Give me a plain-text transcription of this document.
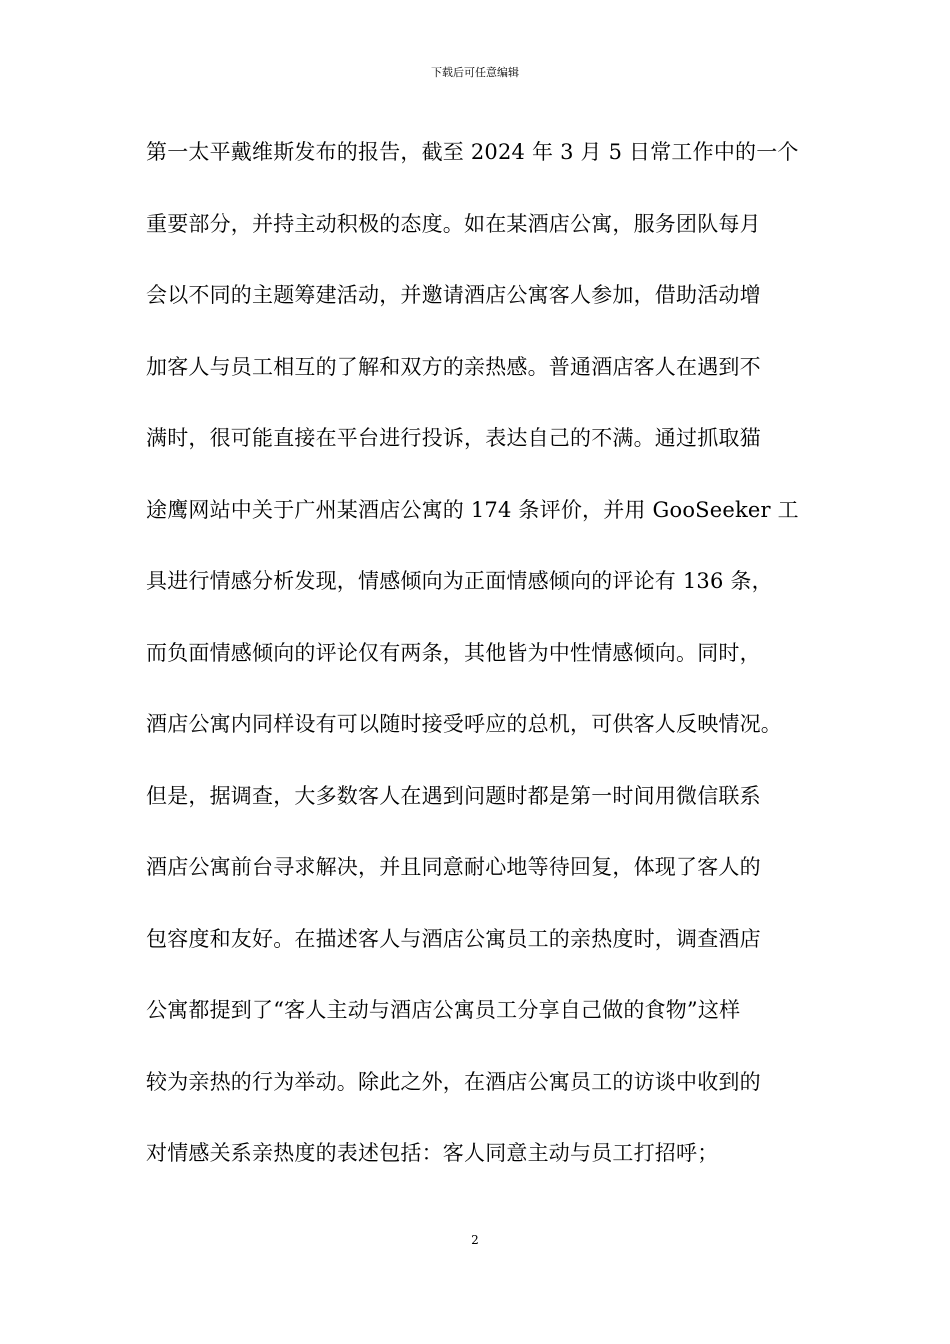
下载后可任意编辑
第一太平戴维斯发布的报告，截至 2024 年 3 月 5 日常工作中的一个
重要部分，并持主动积极的态度。如在某酒店公寓，服务团队每月
会以不同的主题筹建活动，并邀请酒店公寓客人参加，借助活动增
加客人与员工相互的了解和双方的亲热感。普通酒店客人在遇到不
满时，很可能直接在平台进行投诉，表达自己的不满。通过抓取猫
途鹰网站中关于广州某酒店公寓的 174 条评价，并用 GooSeeker 工
具进行情感分析发现，情感倾向为正面情感倾向的评论有 136 条，
而负面情感倾向的评论仅有两条，其他皆为中性情感倾向。同时，
酒店公寓内同样设有可以随时接受呼应的总机，可供客人反映情况。
但是，据调查，大多数客人在遇到问题时都是第一时间用微信联系
酒店公寓前台寻求解决，并且同意耐心地等待回复，体现了客人的
包容度和友好。在描述客人与酒店公寓员工的亲热度时，调查酒店
公寓都提到了“客人主动与酒店公寓员工分享自己做的食物”这样
较为亲热的行为举动。除此之外，在酒店公寓员工的访谈中收到的
对情感关系亲热度的表述包括：客人同意主动与员工打招呼；
2
